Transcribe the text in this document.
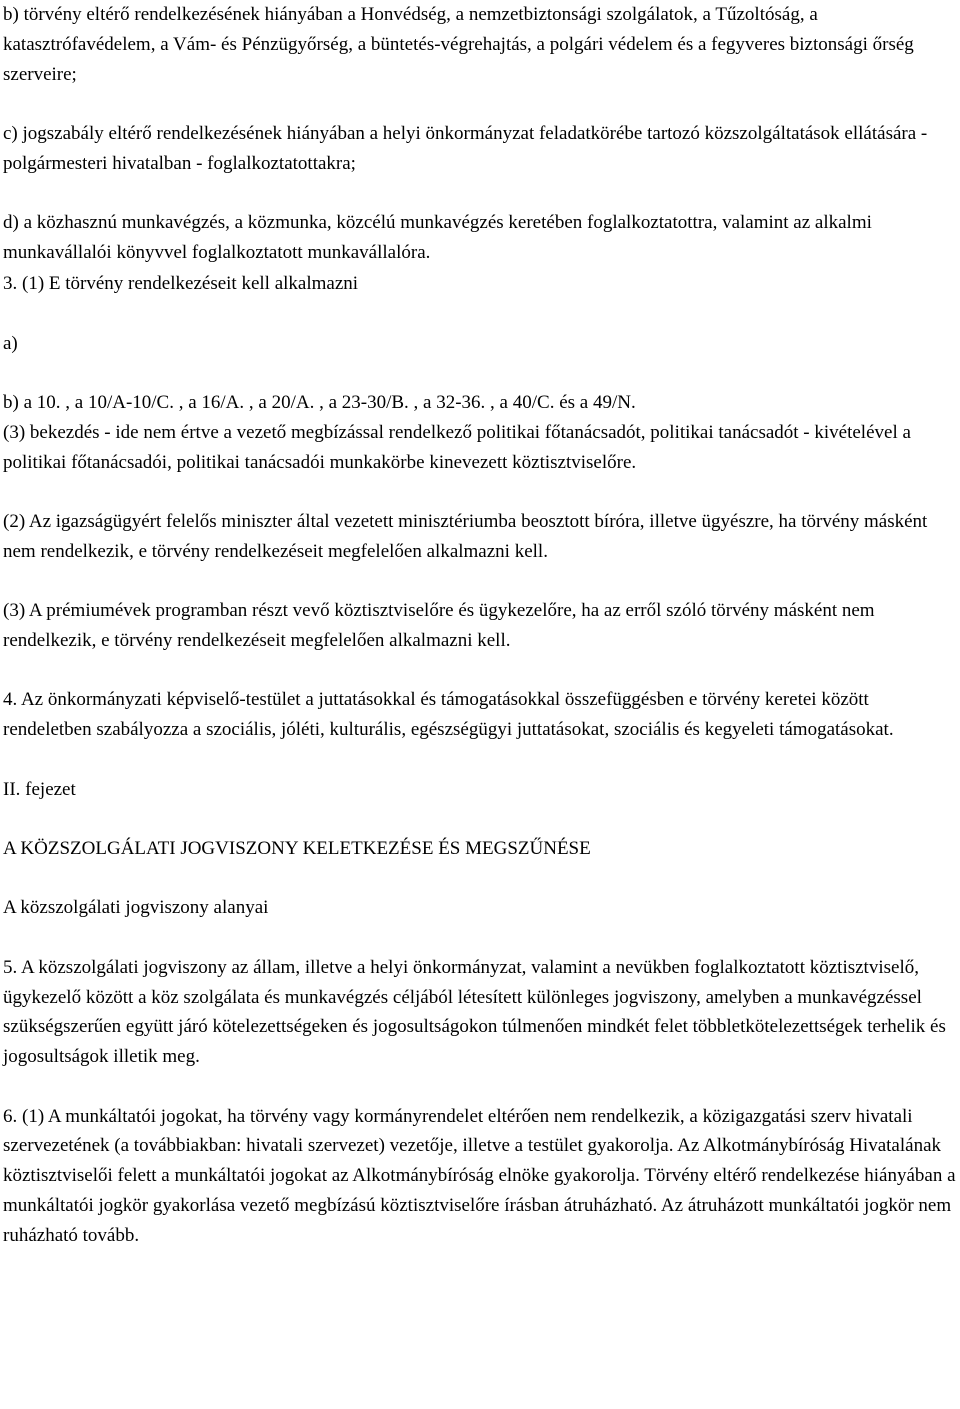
b) törvény eltérő rendelkezésének hiányában a Honvédség, a nemzetbiztonsági szolgálatok, a Tűzoltóság, a katasztrófavédelem, a Vám- és Pénzügyőrség, a büntetés-végrehajtás, a polgári védelem és a fegyveres biztonsági őrség szerveire;

c) jogszabály eltérő rendelkezésének hiányában a helyi önkormányzat feladatkörébe tartozó közszolgáltatások ellátására - polgármesteri hivatalban - foglalkoztatottakra;

d) a közhasznú munkavégzés, a közmunka, közcélú munkavégzés keretében foglalkoztatottra, valamint az alkalmi munkavállalói könyvvel foglalkoztatott munkavállalóra.

3. (1) E törvény rendelkezéseit kell alkalmazni

a)

b) a 10. , a 10/A-10/C. , a 16/A. , a 20/A. , a 23-30/B. , a 32-36. , a 40/C. és a 49/N.

(3) bekezdés - ide nem értve a vezető megbízással rendelkező politikai főtanácsadót, politikai tanácsadót - kivételével a politikai főtanácsadói, politikai tanácsadói munkakörbe kinevezett köztisztviselőre.

(2) Az igazságügyért felelős miniszter által vezetett minisztériumba beosztott bíróra, illetve ügyészre, ha törvény másként nem rendelkezik, e törvény rendelkezéseit megfelelően alkalmazni kell.

(3) A prémiumévek programban részt vevő köztisztviselőre és ügykezelőre, ha az erről szóló törvény másként nem rendelkezik, e törvény rendelkezéseit megfelelően alkalmazni kell.

4. Az önkormányzati képviselő-testület a juttatásokkal és támogatásokkal összefüggésben e törvény keretei között rendeletben szabályozza a szociális, jóléti, kulturális, egészségügyi juttatásokat, szociális és kegyeleti támogatásokat.

II. fejezet

A KÖZSZOLGÁLATI JOGVISZONY KELETKEZÉSE ÉS MEGSZŰNÉSE

A közszolgálati jogviszony alanyai

5. A közszolgálati jogviszony az állam, illetve a helyi önkormányzat, valamint a nevükben foglalkoztatott köztisztviselő, ügykezelő között a köz szolgálata és munkavégzés céljából létesített különleges jogviszony, amelyben a munkavégzéssel szükségszerűen együtt járó kötelezettségeken és jogosultságokon túlmenően mindkét felet többletkötelezettségek terhelik és jogosultságok illetik meg.

6. (1) A munkáltatói jogokat, ha törvény vagy kormányrendelet eltérően nem rendelkezik, a közigazgatási szerv hivatali szervezetének (a továbbiakban: hivatali szervezet) vezetője, illetve a testület gyakorolja. Az Alkotmánybíróság Hivatalának köztisztviselői felett a munkáltatói jogokat az Alkotmánybíróság elnöke gyakorolja. Törvény eltérő rendelkezése hiányában a munkáltatói jogkör gyakorlása vezető megbízású köztisztviselőre írásban átruházható. Az átruházott munkáltatói jogkör nem ruházható tovább.
